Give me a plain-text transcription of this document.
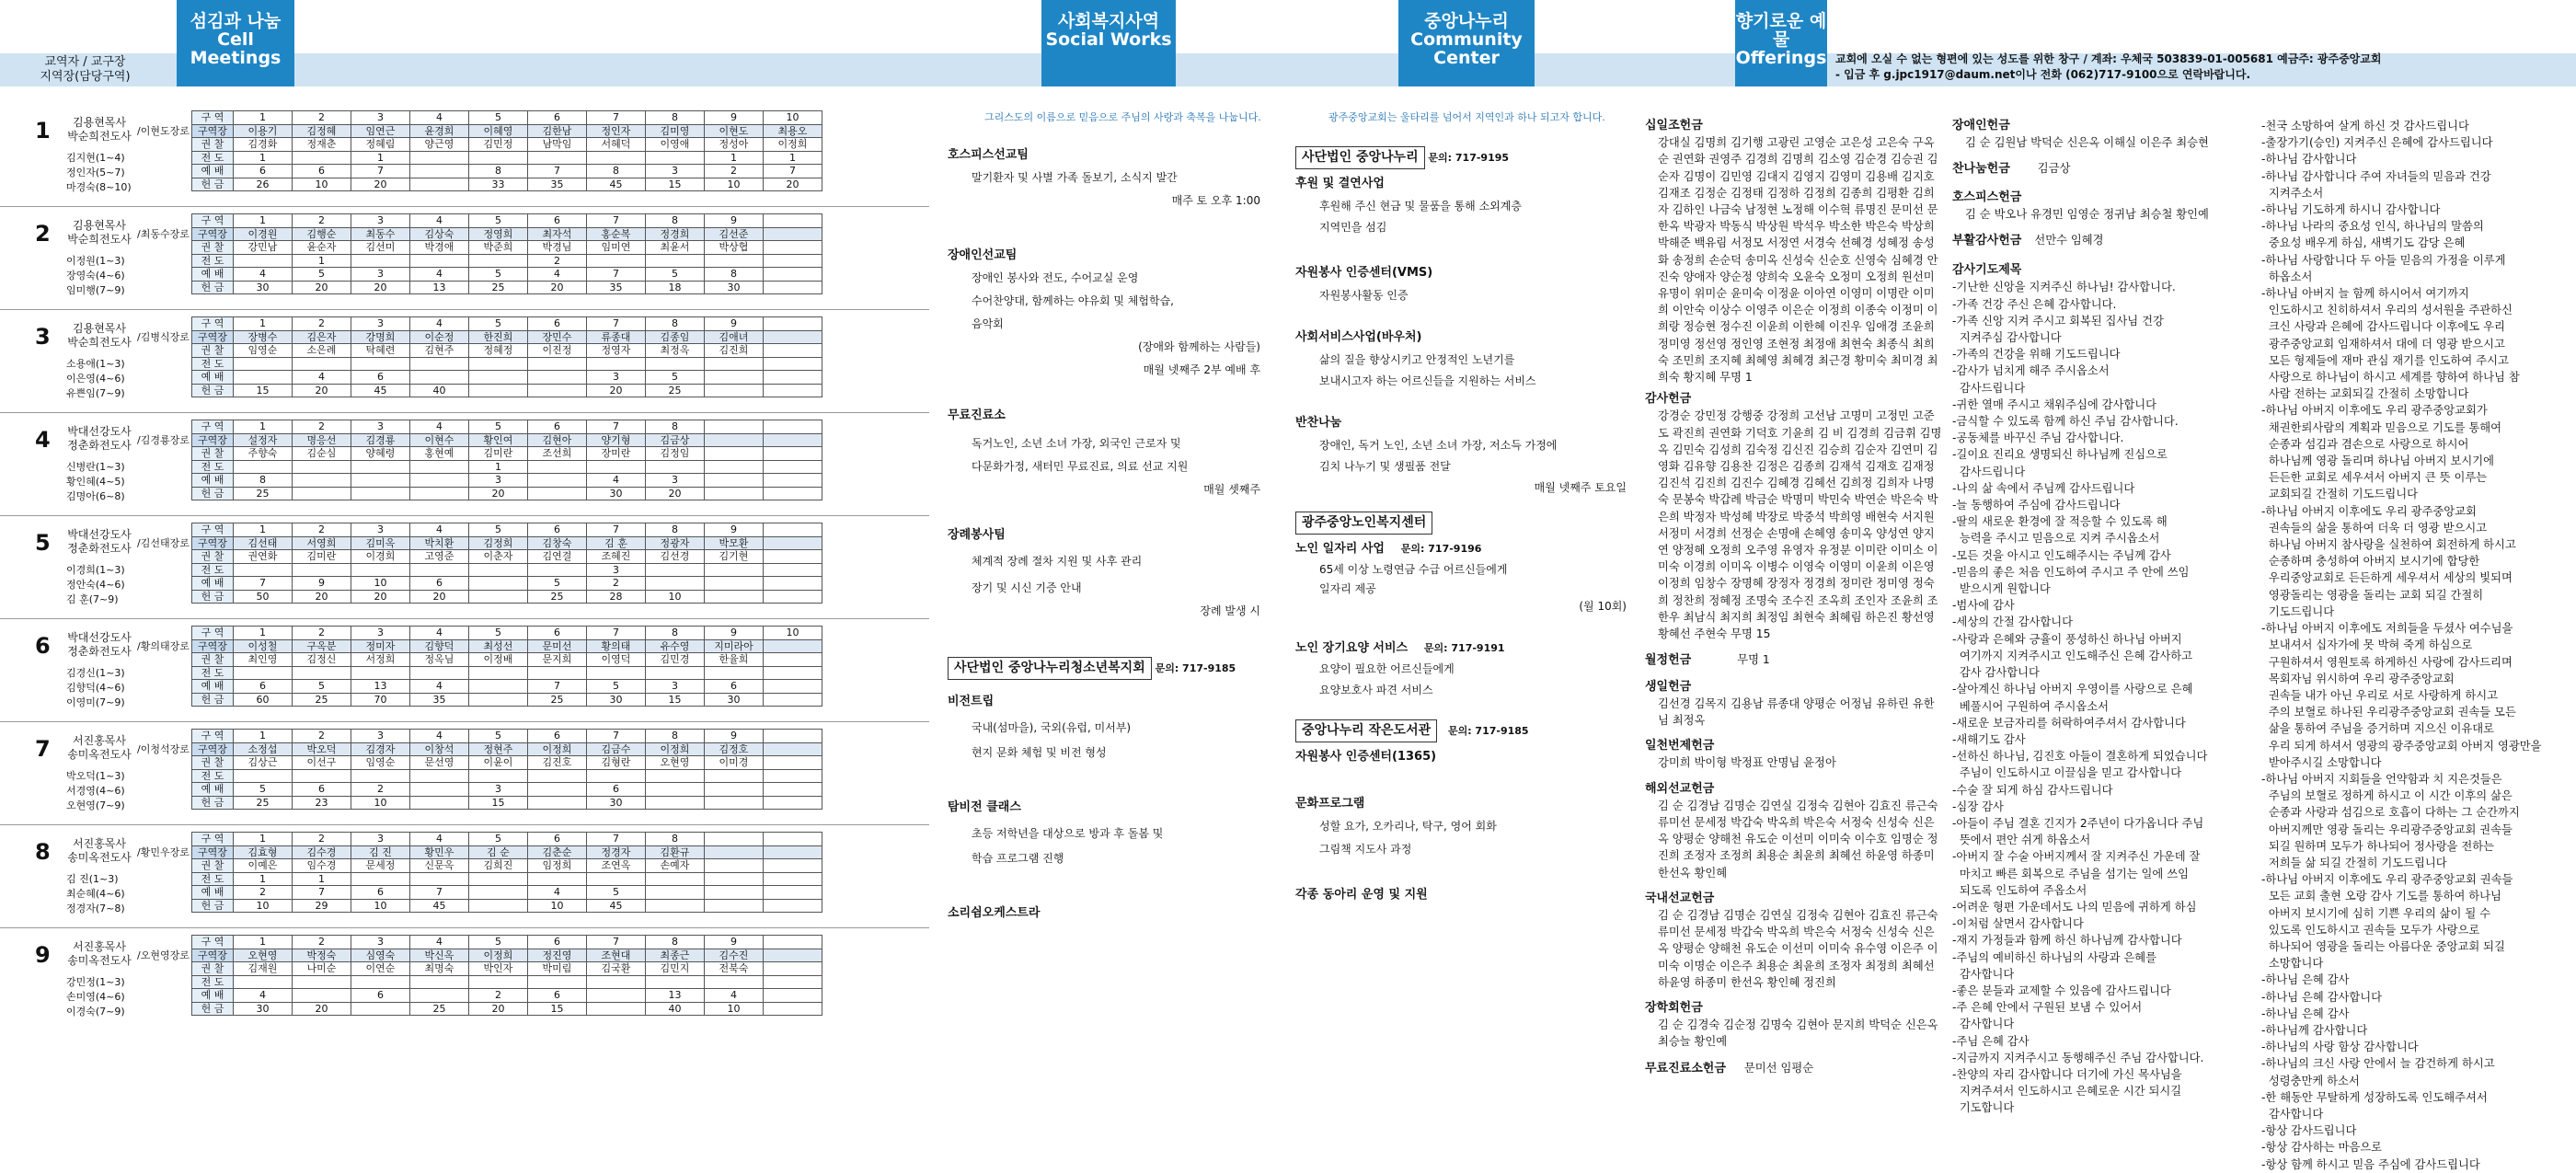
섬김과 나눔
Cell Meetings
사회복지사역
Social Works
중앙나누리
Community Center
향기로운 예물
Offerings
교역자 / 교구장
지역장(담당구역)
교회에 오실 수 없는 형편에 있는 성도를 위한 창구 / 계좌: 우체국 503839-01-005681 예금주: 광주중앙교회
- 입금 후 g.jpc1917@daum.net이나 전화 (062)717-9100으로 연락바랍니다.
1	김용현목사
박순희전도사 /이현도장로
김지현(1~4)
정인자(5~7)
마경숙(8~10)
구 역	1	2	3	4	5	6	7	8	9	10
구역장	이용기	김정혜	임연근	윤경희	이혜영	김한남	정인자	김미영	이현도	최용오
권 찰	김경화	정재춘	정혜림	양근영	김민정	남막임	서혜덕	이영애	정성아	이정희
전 도	1		1						1	1
예 배	6	6	7		8	7	8	3	2	7
헌 금	26	10	20		33	35	45	15	10	20
2	김용현목사
박순희전도사 /최동수장로
이정원(1~3)
장영숙(4~6)
임미행(7~9)
구 역	1	2	3	4	5	6	7	8	9	
구역장	이경원	김행순	최동수	김상숙	정영희	최자석	홍순복	정경희	김선준	
권 찰	강민남	윤순자	김선미	박경애	박준희	박경님	임미연	최윤서	박상협	
전 도		1				2				
예 배	4	5	3	4	5	4	7	5	8	
헌 금	30	20	20	13	25	20	35	18	30	
3	김용현목사
박순희전도사 /김병식장로
소용애(1~3)
이은영(4~6)
유쁜임(7~9)
구 역	1	2	3	4	5	6	7	8	9	
구역장	장병수	김은자	강명희	이순정	한진희	장민수	류종대	김종임	김애녀	
권 찰	임영순	소은례	탁혜련	김현주	정혜정	이진정	정영자	최정옥	김진희	
전 도										
예 배		4	6				3	5		
헌 금	15	20	45	40			20	25		
4	박대선강도사
정춘화전도사 /김경룡장로
신병란(1~3)
황인혜(4~5)
김명아(6~8)
구 역	1	2	3	4	5	6	7	8		
구역장	설정자	명응선	김경룡	이현수	황인여	김현아	양기형	김금상		
권 찰	주향숙	김순심	양혜령	홍현예	김미란	조선희	장미란	김정임		
전 도					1					
예 배	8				3		4	3		
헌 금	25				20		30	20		
5	박대선강도사
정춘화전도사 /김선태장로
이경희(1~3)
정안숙(4~6)
김 훈(7~9)
구 역	1	2	3	4	5	6	7	8	9	
구역장	김선태	서영희	김미옥	박치환	김정희	김창숙	김 훈	정광자	박모환	
권 찰	권연화	김미란	이경희	고영준	이춘자	김연결	조혜진	김선경	김기현	
전 도							3			
예 배	7	9	10	6		5	2			
헌 금	50	20	20	20		25	28	10		
6	박대선강도사
정춘화전도사 /황의태장로
김경신(1~3)
김향덕(4~6)
이영미(7~9)
구 역	1	2	3	4	5	6	7	8	9	10
구역장	이성철	구옥분	정미자	김향덕	최성선	문미선	황의태	유수영	지미라아	
권 찰	최인영	김정신	서정희	정옥님	이정배	문지희	이영덕	김민경	한율희	
전 도										
예 배	6	5	13	4		7	5	3	6	
헌 금	60	25	70	35		25	30	15	30	
7	서진홍목사
송미옥전도사 /이청석장로
박오덕(1~3)
서경영(4~6)
오현영(7~9)
구 역	1	2	3	4	5	6	7	8	9	
구역장	소정섭	박오덕	김경자	이창석	정현주	이정희	김금수	이정희	김정호	
권 찰	김상근	이선구	임영순	문선영	이윤이	김진호	김형란	오현영	이미경	
전 도										
예 배	5	6	2		3		6			
헌 금	25	23	10		15		30			
8	서진홍목사
송미옥전도사 /황민우장로
김 진(1~3)
최순혜(4~6)
정경자(7~8)
구 역	1	2	3	4	5	6	7	8		
구역장	김효형	김수경	김 진	황민우	김 순	김춘순	정경자	김환규		
권 찰	이예은	임수경	문세정	신문옥	김희진	임정희	조연옥	손예자		
전 도	1	1								
예 배	2	7	6	7		4	5			
헌 금	10	29	10	45		10	45			
9	서진홍목사
송미옥전도사 /오현영장로
강민정(1~3)
손미영(4~6)
이경숙(7~9)
구 역	1	2	3	4	5	6	7	8	9	
구역장	오현영	박정숙	심영숙	박신옥	이정희	정진영	조현대	최종근	김수진	
권 찰	김재원	나미순	이연순	최명숙	박인자	박미림	김국환	김민지	전북숙	
전 도										
예 배	4		6		2	6		13	4	
헌 금	30	20		25	20	15		40	10	
그리스도의 이름으로 믿음으로 주님의 사랑과 축복을 나눕니다.
호스피스선교팀
말기환자 및 사별 가족 돌보기, 소식지 발간
매주 토 오후 1:00
장애인선교팀
장애인 봉사와 전도, 수어교실 운영
수어찬양대, 함께하는 야유회 및 체험학습,
음악회
(장애와 함께하는 사람들)
매월 넷째주 2부 예배 후
무료진료소
독거노인, 소년 소녀 가장, 외국인 근로자 및
다문화가정, 새터민 무료진료, 의료 선교 지원
매월 셋째주
장례봉사팀
체계적 장례 절차 지원 및 사후 관리
장기 및 시신 기증 안내
장례 발생 시
사단법인 중앙나누리청소년복지회 문의: 717-9185
비전트립
국내(섬마을), 국외(유럽, 미서부)
현지 문화 체험 및 비전 형성
탐비전 클래스
초등 저학년을 대상으로 방과 후 돌봄 및
학습 프로그램 진행
소리쉼오케스트라
광주중앙교회는 울타리를 넘어서 지역인과 하나 되고자 합니다.
사단법인 중앙나누리 문의: 717-9195
후원 및 결연사업
후원해 주신 현금 및 물품을 통해 소외계층
지역민을 섬김
자원봉사 인증센터(VMS)
자원봉사활동 인증
사회서비스사업(바우처)
삶의 질을 향상시키고 안정적인 노년기를
보내시고자 하는 어르신들을 지원하는 서비스
반찬나눔
장애인, 독거 노인, 소년 소녀 가장, 저소득 가정에
김치 나누기 및 생필품 전달
매월 넷째주 토요일
광주중앙노인복지센터
노인 일자리 사업 문의: 717-9196
65세 이상 노령연금 수급 어르신들에게
일자리 제공
(월 10회)
노인 장기요양 서비스 문의: 717-9191
요양이 필요한 어르신들에게
요양보호사 파견 서비스
중앙나누리 작은도서관 문의: 717-9185
자원봉사 인증센터(1365)
문화프로그램
성할 요가, 오카리나, 탁구, 영어 회화
그림책 지도사 과정
각종 동아리 운영 및 지원
십일조헌금
강대실 김명희 김기행 고광린 고영순 고은성 고은숙 구옥순 권연화 권영주 김경희 김명희 김소영 김순경 김승권 김순자 김명이 김민영 김대지 김영지 김영미 김용배 김지호 김재조 김정순 김정태 김정하 김정희 김종희 김평환 김희자 김하인 나금숙 남정현 노정해 이수혁 류명진 문미선 문한옥 박광자 박동식 박상원 박석우 박소한 박은숙 박상희 박해준 백유림 서정모 서정연 서경숙 선혜경 성혜정 송성화 송정희 손순덕 송미옥 신성숙 신순호 신영숙 심혜경 안진숙 양애자 양순정 양희숙 오윤숙 오정미 오정희 원선미 유명이 위미순 윤미숙 이정윤 이아연 이영미 이명란 이미희 이안숙 이상수 이영주 이은순 이정희 이종숙 이정미 이희랑 정승현 정수진 이윤희 이한혜 이진우 임애경 조윤희 정미영 정선영 정인영 조현정 최정애 최현숙 최종식 최희숙 조민희 조지혜 최혜영 최혜경 최근경 황미숙 최미경 최희숙 황지혜 무명 1
감사헌금
강경순 강민정 강행중 강정희 고선남 고명미 고정민 고준도 곽진희 권연화 기덕호 기윤희 김 비 김경희 김금휘 김명옥 김민숙 김성희 김숙정 김신진 김승희 김순자 김연미 김영화 김유향 김용찬 김정은 김종희 김재석 김재호 김재정 김진석 김진희 김진수 김혜경 김혜선 김희정 김희자 나명숙 문봉숙 박갑례 박금순 박명미 박민숙 박연순 박은숙 박은희 박정자 박성혜 박장로 박중석 박희영 배현숙 서지원 서정미 서경희 선정순 손명애 손혜영 송미옥 양성연 양지연 양정혜 오정희 오주영 유영자 유정분 이미란 이미소 이미숙 이경희 이미옥 이병수 이영숙 이영미 이윤희 이은영 이정희 임창수 장명혜 장정자 정경희 정미란 정미영 정숙희 정찬희 정혜정 조명숙 조수진 조옥희 조인자 조윤희 조한우 최남식 최지희 최정임 최현숙 최혜림 하은진 황선영 황혜선 주현숙 무명 15
월정헌금	무명 1
생일헌금
김선경 김목지 김용남 류종대 양평순 어정님 유하린 유한님 최정옥
일천번제헌금
강미희 박이형 박정표 안명님 윤정아
해외선교헌금
김 순 김경남 김명순 김연실 김정숙 김현아 김효진 류근숙 류미선 문세정 박갑숙 박옥희 박은숙 서정숙 신성숙 신은옥 양평순 양해천 유도순 이선미 이미숙 이수호 임명순 정진희 조정자 조정희 최용순 최윤희 최혜선 하윤영 하종미 한선옥 황인혜
국내선교헌금
김 순 김경남 김명순 김연실 김정숙 김현아 김효진 류근숙 류미선 문세정 박갑숙 박옥희 박은숙 서정숙 신성숙 신은옥 양평순 양해천 유도순 이선미 이미숙 유수영 이은주 이미숙 이명순 이은주 최용순 최윤희 조정자 최정희 최혜선 하윤영 하종미 한선옥 황인혜 정진희
장학회헌금
김 순 김경숙 김순정 김명숙 김현아 문지희 박덕순 신은옥 최승늘 황인예
무료진료소헌금 문미선 임평순
장애인헌금
김 순 김원남 박덕순 신은옥 이해실 이은주 최승현
찬나눔헌금 김금상
호스피스헌금
김 순 박오나 유경민 임영순 정귀남 최승철 황인예
부활감사헌금 선만수 임혜경
감사기도제목
-기난한 신앙을 지켜주신 하나님! 감사합니다.
-가족 건강 주신 은혜 감사합니다.
-가족 신앙 지켜 주시고 회복된 집사님 건강
지켜주심 감사합니다
-가족의 건강을 위해 기도드립니다
-감사가 넘치게 해주 주시옵소서
감사드립니다
-귀한 열매 주시고 채워주심에 감사합니다
-금식할 수 있도록 함께 하신 주님 감사합니다.
-공동체를 바꾸신 주님 감사합니다.
-길이요 진리요 생명되신 하나님께 진심으로
감사드립니다
-나의 삶 속에서 주님께 감사드립니다
-늘 동행하여 주심에 감사드립니다
-딸의 새로운 환경에 잘 적응할 수 있도록 해
능력을 주시고 믿음으로 지켜 주시옵소서
-모든 것을 아시고 인도해주시는 주님께 감사
-믿음의 좋은 처음 인도하여 주시고 주 안에 쓰임
받으시게 원합니다
-범사에 감사
-세상의 간절 감사합니다
-사랑과 은혜와 긍휼이 풍성하신 하나님 아버지
여기까지 지켜주시고 인도해주신 은혜 감사하고
감사 감사합니다
-살아계신 하나님 아버지 우영이를 사랑으로 은혜
베풀시어 구원하여 주시옵소서
-새로운 보금자리를 허락하여주셔서 감사합니다
-새해기도 감사
-선하신 하나님, 김진호 아들이 결혼하게 되었습니다
주님이 인도하시고 이끌심을 믿고 감사합니다
-수술 잘 되게 하심 감사드립니다
-심장 감사
-아들이 주님 결혼 긴지가 2주년이 다가옵니다 주님
뜻에서 편안 쉬게 하옵소서
-아버지 잘 수술 아버지께서 잘 지켜주신 가운데 잘
마치고 빠른 회복으로 주님을 섬기는 일에 쓰임
되도록 인도하여 주옵소서
-어려운 형편 가운데서도 나의 믿음에 귀하게 하심
-이처럼 살면서 감사합니다
-재지 가정들과 함께 하신 하나님께 감사합니다
-주님의 예비하신 하나님의 사랑과 은혜를
감사합니다
-좋은 분들과 교제할 수 있음에 감사드립니다
-주 은혜 안에서 구원된 보냄 수 있어서
감사합니다
-주님 은혜 감사
-지금까지 지켜주시고 동행해주신 주님 감사합니다.
-찬양의 자리 감사합니다 더기에 가신 목사님을
지켜주셔서 인도하시고 은혜로운 시간 되시길
기도합니다
-천국 소망하여 살게 하신 것 감사드립니다
-출장가기(승인) 지켜주신 은혜에 감사드립니다
-하나님 감사합니다
-하나님 감사합니다 주여 자녀들의 믿음과 건강
지켜주소서
-하나님 기도하게 하시니 감사합니다
-하나님 나라의 중요성 인식, 하나님의 말씀의
중요성 배우게 하심, 새벽기도 감당 은혜
-하나님 사랑합니다 두 아들 믿음의 가정을 이루게
하옵소서
-하나님 아버지 늘 함께 하시어서 여기까지
인도하시고 친히하셔서 우리의 성서원을 주관하신
크신 사랑과 은혜에 감사드립니다 이후에도 우리
광주중앙교회 임재하셔서 대에 더 영광 받으시고
모든 형제들에 재마 관심 재기를 인도하여 주시고
사랑으로 하나님이 하시고 세계를 향하여 하나님 참
사람 전하는 교회되길 간절히 소망합니다
-하나님 아버지 이후에도 우리 광주중앙교회가
채권한뢰사람의 계획과 믿음으로 기도를 통해여
순종과 섬김과 겸손으로 사랑으로 하시어
하나님께 영광 돌리며 하나님 아버지 보시기에
든든한 교회로 세우셔서 아버지 큰 뜻 이루는
교회되길 간절히 기도드립니다
-하나님 아버지 이후에도 우리 광주중앙교회
권속들의 삶을 통하여 더욱 더 영광 받으시고
하나님 아버지 참사랑을 실천하여 회전하게 하시고
순종하며 충성하여 아버지 보시기에 합당한
우리중앙교회로 든든하게 세우셔서 세상의 빛되며
영광돌리는 영광을 돌리는 교회 되길 간절히
기도드립니다
-하나님 아버지 이후에도 저희들을 두셨사 여수님을
보내셔서 십자가에 못 박혀 죽게 하심으로
구원하셔서 영원토록 하게하신 사랑에 감사드리며
목회자님 위시하여 우리 광주중앙교회
권속들 내가 아닌 우리로 서로 사랑하게 하시고
주의 보혈로 하나된 우리광주중앙교회 권속들 모든
삶을 통하여 주님을 증거하며 지으신 이유대로
우리 되게 하셔서 영광의 광주중앙교회 아버지 영광만을
받아주시길 소망합니다
-하나님 아버지 지회들을 언약함과 치 지은것들은
주님의 보혈로 정하게 하시고 이 시간 이후의 삶은
순종과 사랑과 섬김으로 호흡이 다하는 그 순간까지
아버지께만 영광 돌리는 우리광주중앙교회 권속들
되길 원하며 모두가 하나되어 정사랑을 전하는
저희들 삶 되길 간절히 기도드립니다
-하나님 아버지 이후에도 우리 광주중앙교회 권속들
모든 교회 출현 오랑 감사 기도를 통하여 하나님
아버지 보시기에 심히 기쁜 우리의 삶이 될 수
있도록 인도하시고 권속들 모두가 사랑으로
하나되어 영광을 돌리는 아름다운 중앙교회 되길
소망합니다
-하나님 은혜 감사
-하나님 은혜 감사합니다
-하나님 은혜 감사
-하나님께 감사합니다
-하나님의 사랑 함상 감사합니다
-하나님의 크신 사랑 안에서 늘 감건하게 하시고
성령충만케 하소서
-한 해동안 무탈하게 성장하도록 인도해주셔서
감사합니다
-항상 감사드립니다
-항상 감사하는 마음으로
-항상 함께 하시고 믿음 주심에 감사드립니다
